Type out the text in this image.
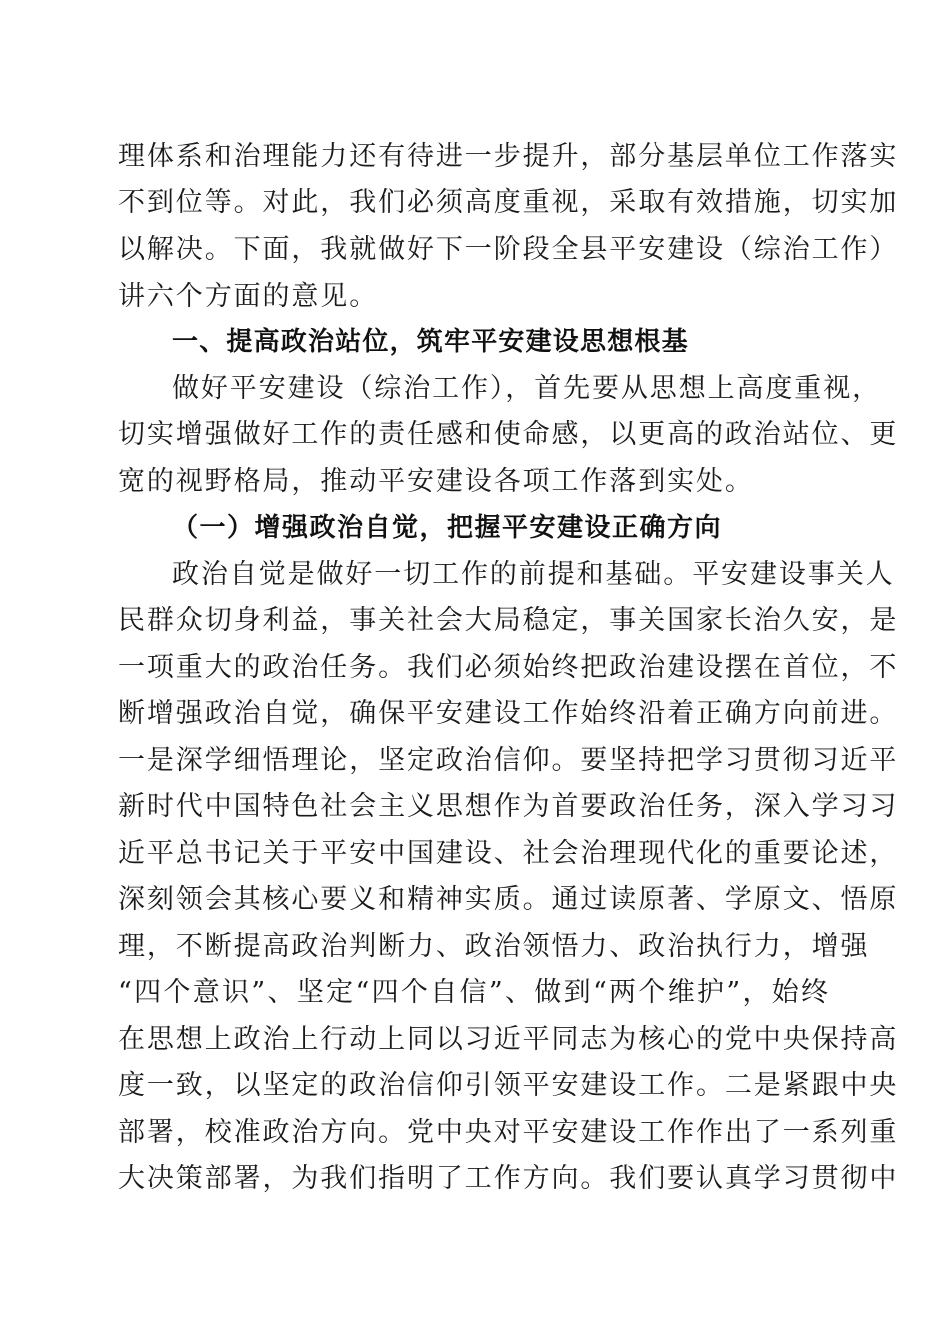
理体系和治理能力还有待进一步提升，部分基层单位工作落实
不到位等。对此，我们必须高度重视，采取有效措施，切实加
以解决。下面，我就做好下一阶段全县平安建设（综治工作）
讲六个方面的意见。
一、提高政治站位，筑牢平安建设思想根基
做好平安建设（综治工作），首先要从思想上高度重视，
切实增强做好工作的责任感和使命感，以更高的政治站位、更
宽的视野格局，推动平安建设各项工作落到实处。
（一）增强政治自觉，把握平安建设正确方向
政治自觉是做好一切工作的前提和基础。平安建设事关人
民群众切身利益，事关社会大局稳定，事关国家长治久安，是
一项重大的政治任务。我们必须始终把政治建设摆在首位，不
断增强政治自觉，确保平安建设工作始终沿着正确方向前进。
一是深学细悟理论，坚定政治信仰。要坚持把学习贯彻习近平
新时代中国特色社会主义思想作为首要政治任务，深入学习习
近平总书记关于平安中国建设、社会治理现代化的重要论述，
深刻领会其核心要义和精神实质。通过读原著、学原文、悟原
理，不断提高政治判断力、政治领悟力、政治执行力，增强
“四个意识”、坚定“四个自信”、做到“两个维护”，始终
在思想上政治上行动上同以习近平同志为核心的党中央保持高
度一致，以坚定的政治信仰引领平安建设工作。二是紧跟中央
部署，校准政治方向。党中央对平安建设工作作出了一系列重
大决策部署，为我们指明了工作方向。我们要认真学习贯彻中
